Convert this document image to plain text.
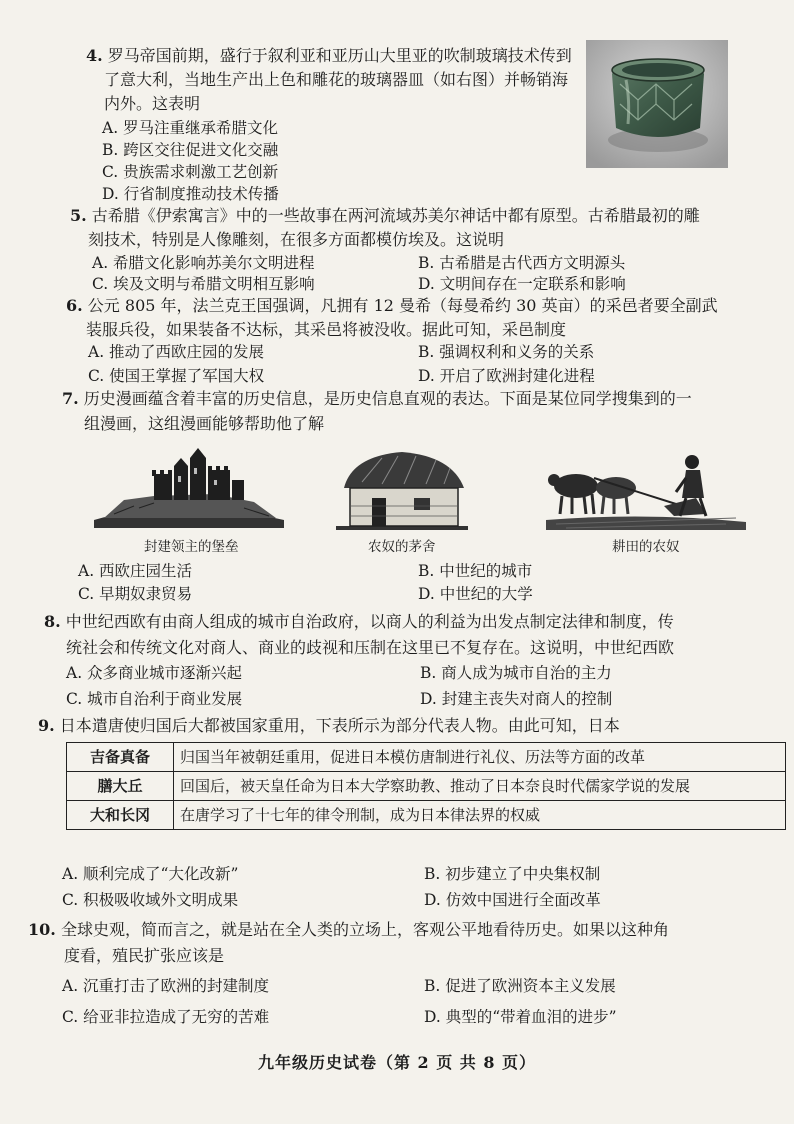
4. 罗马帝国前期，盛行于叙利亚和亚历山大里亚的吹制玻璃技术传到
了意大利，当地生产出上色和雕花的玻璃器皿（如右图）并畅销海
内外。这表明
A. 罗马注重继承希腊文化
B. 跨区交往促进文化交融
C. 贵族需求刺激工艺创新
D. 行省制度推动技术传播
5. 古希腊《伊索寓言》中的一些故事在两河流域苏美尔神话中都有原型。古希腊最初的雕
刻技术，特别是人像雕刻，在很多方面都模仿埃及。这说明
A. 希腊文化影响苏美尔文明进程	B. 古希腊是古代西方文明源头
C. 埃及文明与希腊文明相互影响	D. 文明间存在一定联系和影响
6. 公元 805 年，法兰克王国强调，凡拥有 12 曼希（每曼希约 30 英亩）的采邑者要全副武
装服兵役，如果装备不达标，其采邑将被没收。据此可知，采邑制度
A. 推动了西欧庄园的发展	B. 强调权利和义务的关系
C. 使国王掌握了军国大权	D. 开启了欧洲封建化进程
7. 历史漫画蕴含着丰富的历史信息，是历史信息直观的表达。下面是某位同学搜集到的一
组漫画，这组漫画能够帮助他了解
封建领主的堡垒	农奴的茅舍	耕田的农奴
A. 西欧庄园生活	B. 中世纪的城市
C. 早期奴隶贸易	D. 中世纪的大学
8. 中世纪西欧有由商人组成的城市自治政府，以商人的利益为出发点制定法律和制度，传
统社会和传统文化对商人、商业的歧视和压制在这里已不复存在。这说明，中世纪西欧
A. 众多商业城市逐渐兴起	B. 商人成为城市自治的主力
C. 城市自治利于商业发展	D. 封建主丧失对商人的控制
9. 日本遣唐使归国后大都被国家重用，下表所示为部分代表人物。由此可知，日本
吉备真备	归国当年被朝廷重用，促进日本模仿唐制进行礼仪、历法等方面的改革
膳大丘	回国后，被天皇任命为日本大学察助教、推动了日本奈良时代儒家学说的发展
大和长冈	在唐学习了十七年的律令刑制，成为日本律法界的权威
A. 顺利完成了“大化改新”	B. 初步建立了中央集权制
C. 积极吸收域外文明成果	D. 仿效中国进行全面改革
10. 全球史观，简而言之，就是站在全人类的立场上，客观公平地看待历史。如果以这种角
度看，殖民扩张应该是
A. 沉重打击了欧洲的封建制度	B. 促进了欧洲资本主义发展
C. 给亚非拉造成了无穷的苦难	D. 典型的“带着血泪的进步”
九年级历史试卷（第 2 页 共 8 页）
